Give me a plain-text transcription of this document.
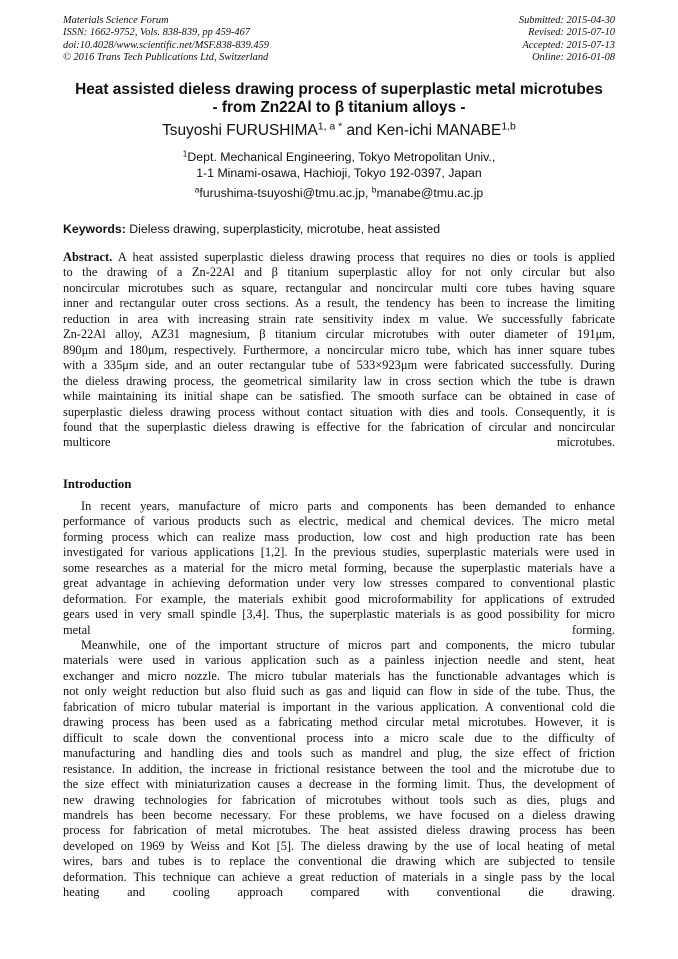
Materials Science Forum
ISSN: 1662-9752, Vols. 838-839, pp 459-467
doi:10.4028/www.scientific.net/MSF.838-839.459
© 2016 Trans Tech Publications Ltd, Switzerland
Submitted: 2015-04-30
Revised: 2015-07-10
Accepted: 2015-07-13
Online: 2016-01-08
Heat assisted dieless drawing process of superplastic metal microtubes
- from Zn22Al to β titanium alloys -
Tsuyoshi $FURUSHIMA^{1, a *}$ and Ken-ichi MANABE$^{1,b}$
$^1$Dept. Mechanical Engineering, Tokyo Metropolitan Univ.,
1-1 Minami-osawa, Hachioji, Tokyo 192-0397, Japan
$^a$furushima-tsuyoshi@tmu.ac.jp, $^b$manabe@tmu.ac.jp
Keywords: Dieless drawing, superplasticity, microtube, heat assisted
Abstract. A heat assisted superplastic dieless drawing process that requires no dies or tools is applied
to the drawing of a Zn-22Al and β titanium superplastic alloy for not only circular but also
noncircular microtubes such as square, rectangular and noncircular multi core tubes having square
inner and rectangular outer cross sections. As a result, the tendency has been to increase the limiting
reduction in area with increasing strain rate sensitivity index m value. We successfully fabricate
Zn-22Al alloy, AZ31 magnesium, β titanium circular microtubes with outer diameter of 191μm,
890μm and 180μm, respectively. Furthermore, a noncircular micro tube, which has inner square tubes
with a 335μm side, and an outer rectangular tube of 533×923μm were fabricated successfully. During
the dieless drawing process, the geometrical similarity law in cross section which the tube is drawn
while maintaining its initial shape can be satisfied. The smooth surface can be obtained in case of
superplastic dieless drawing process without contact situation with dies and tools. Consequently, it is
found that the superplastic dieless drawing is effective for the fabrication of circular and noncircular
multicore microtubes.
Introduction
In recent years, manufacture of micro parts and components has been demanded to enhance
performance of various products such as electric, medical and chemical devices. The micro metal
forming process which can realize mass production, low cost and high production rate has been
investigated for various applications [1,2]. In the previous studies, superplastic materials were used in
some researches as a material for the micro metal forming, because the superplastic materials have a
great advantage in achieving deformation under very low stresses compared to conventional plastic
deformation. For example, the materials exhibit good microformability for applications of extruded
gears used in very small spindle [3,4]. Thus, the superplastic materials is as good possibility for micro
metal forming.
Meanwhile, one of the important structure of micros part and components, the micro tubular
materials were used in various application such as a painless injection needle and stent, heat
exchanger and micro nozzle. The micro tubular materials has the functionable advantages which is
not only weight reduction but also fluid such as gas and liquid can flow in side of the tube. Thus, the
fabrication of micro tubular material is important in the various application. A conventional cold die
drawing process has been used as a fabricating method circular metal microtubes. However, it is
difficult to scale down the conventional process into a micro scale due to the difficulty of
manufacturing and handling dies and tools such as mandrel and plug, the size effect of friction
resistance. In addition, the increase in frictional resistance between the tool and the microtube due to
the size effect with miniaturization causes a decrease in the forming limit. Thus, the development of
new drawing technologies for fabrication of microtubes without tools such as dies, plugs and
mandrels has been become necessary. For these problems, we have focused on a dieless drawing
process for fabrication of metal microtubes. The heat assisted dieless drawing process has been
developed on 1969 by Weiss and Kot [5]. The dieless drawing by the use of local heating of metal
wires, bars and tubes is to replace the conventional die drawing which are subjected to tensile
deformation. This technique can achieve a great reduction of materials in a single pass by the local
heating and cooling approach compared with conventional die drawing.
